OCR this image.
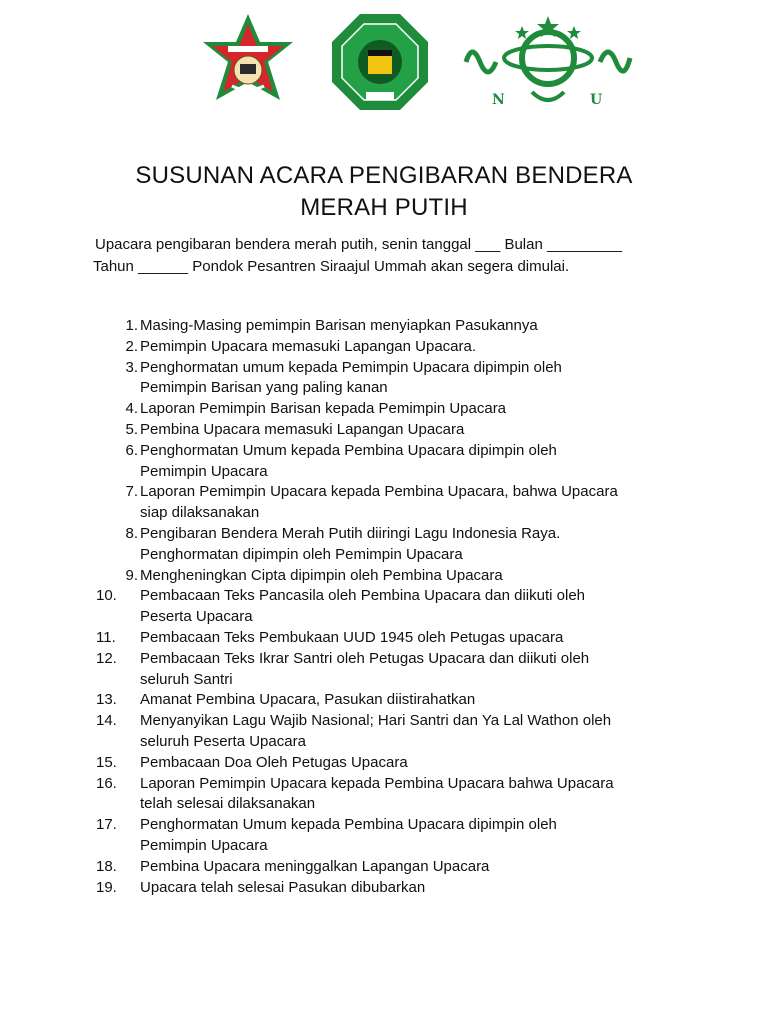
N	U
SUSUNAN ACARA PENGIBARAN BENDERA
MERAH PUTIH
Upacara pengibaran bendera merah putih, senin tanggal ___ Bulan _________
Tahun ______ Pondok Pesantren Siraajul Ummah akan segera dimulai.
1. Masing-Masing pemimpin Barisan menyiapkan Pasukannya
2. Pemimpin Upacara memasuki Lapangan Upacara.
3. Penghormatan umum kepada Pemimpin Upacara dipimpin oleh
Pemimpin Barisan yang paling kanan
4. Laporan Pemimpin Barisan kepada Pemimpin Upacara
5. Pembina Upacara memasuki Lapangan Upacara
6. Penghormatan Umum kepada Pembina Upacara dipimpin oleh
Pemimpin Upacara
7. Laporan Pemimpin Upacara kepada Pembina Upacara, bahwa Upacara
siap dilaksanakan
8. Pengibaran Bendera Merah Putih diiringi Lagu Indonesia Raya.
Penghormatan dipimpin oleh Pemimpin Upacara
9. Mengheningkan Cipta dipimpin oleh Pembina Upacara
10.	Pembacaan Teks Pancasila oleh Pembina Upacara dan diikuti oleh
Peserta Upacara
11.	Pembacaan Teks Pembukaan UUD 1945 oleh Petugas upacara
12.	Pembacaan Teks Ikrar Santri oleh Petugas Upacara dan diikuti oleh
seluruh Santri
13.	Amanat Pembina Upacara, Pasukan diistirahatkan
14.	Menyanyikan Lagu Wajib Nasional; Hari Santri dan Ya Lal Wathon oleh
seluruh Peserta Upacara
15.	Pembacaan Doa Oleh Petugas Upacara
16.	Laporan Pemimpin Upacara kepada Pembina Upacara bahwa Upacara
telah selesai dilaksanakan
17.	Penghormatan Umum kepada Pembina Upacara dipimpin oleh
Pemimpin Upacara
18.	Pembina Upacara meninggalkan Lapangan Upacara
19.	Upacara telah selesai Pasukan dibubarkan
